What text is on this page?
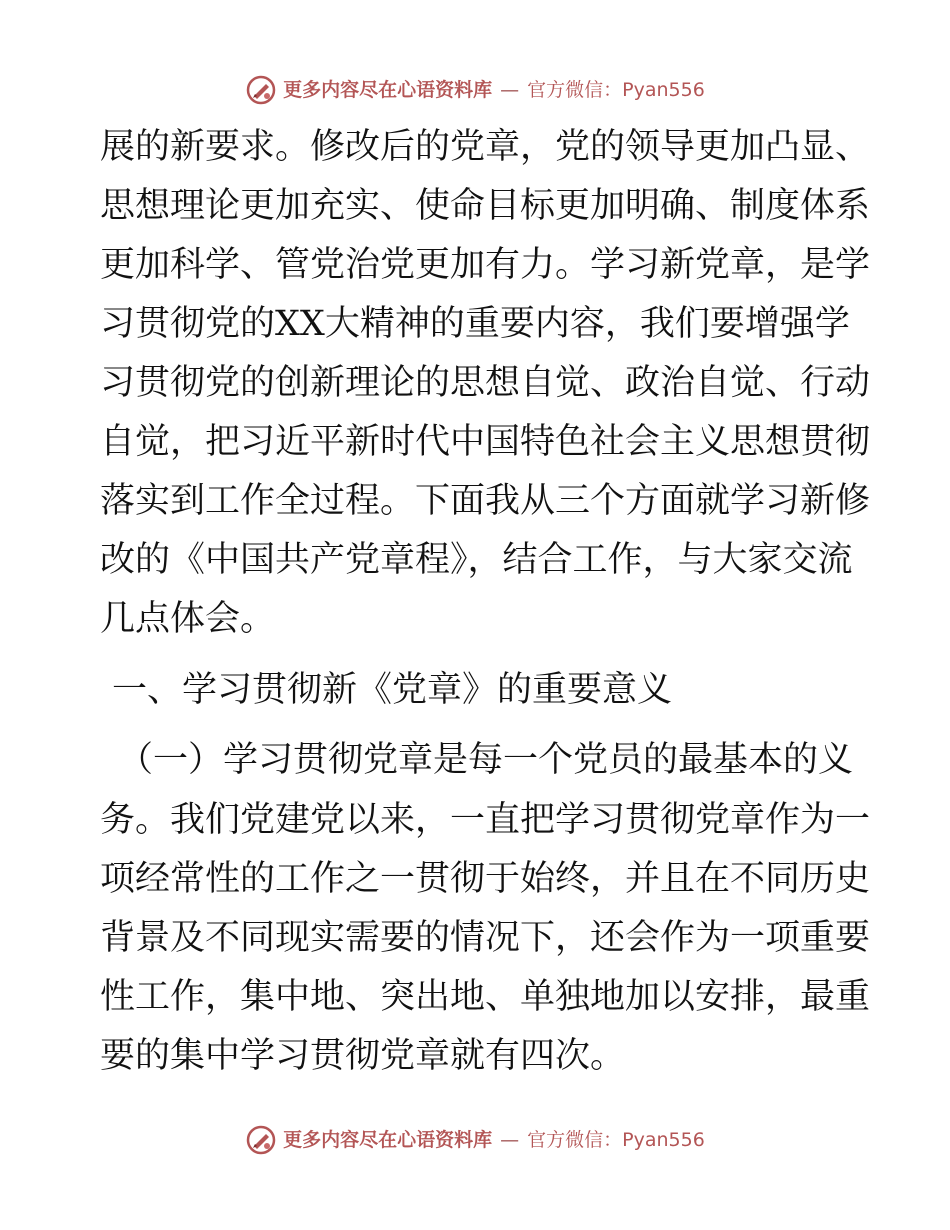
更多内容尽在心语资料库 — 官方微信：Pyan556
展的新要求。修改后的党章，党的领导更加凸显、
思想理论更加充实、使命目标更加明确、制度体系
更加科学、管党治党更加有力。学习新党章，是学
习贯彻党的XX大精神的重要内容，我们要增强学
习贯彻党的创新理论的思想自觉、政治自觉、行动
自觉，把习近平新时代中国特色社会主义思想贯彻
落实到工作全过程。下面我从三个方面就学习新修
改的《中国共产党章程》，结合工作，与大家交流
几点体会。
一、学习贯彻新《党章》的重要意义
（一）学习贯彻党章是每一个党员的最基本的义
务。我们党建党以来，一直把学习贯彻党章作为一
项经常性的工作之一贯彻于始终，并且在不同历史
背景及不同现实需要的情况下，还会作为一项重要
性工作，集中地、突出地、单独地加以安排，最重
要的集中学习贯彻党章就有四次。
更多内容尽在心语资料库 — 官方微信：Pyan556
